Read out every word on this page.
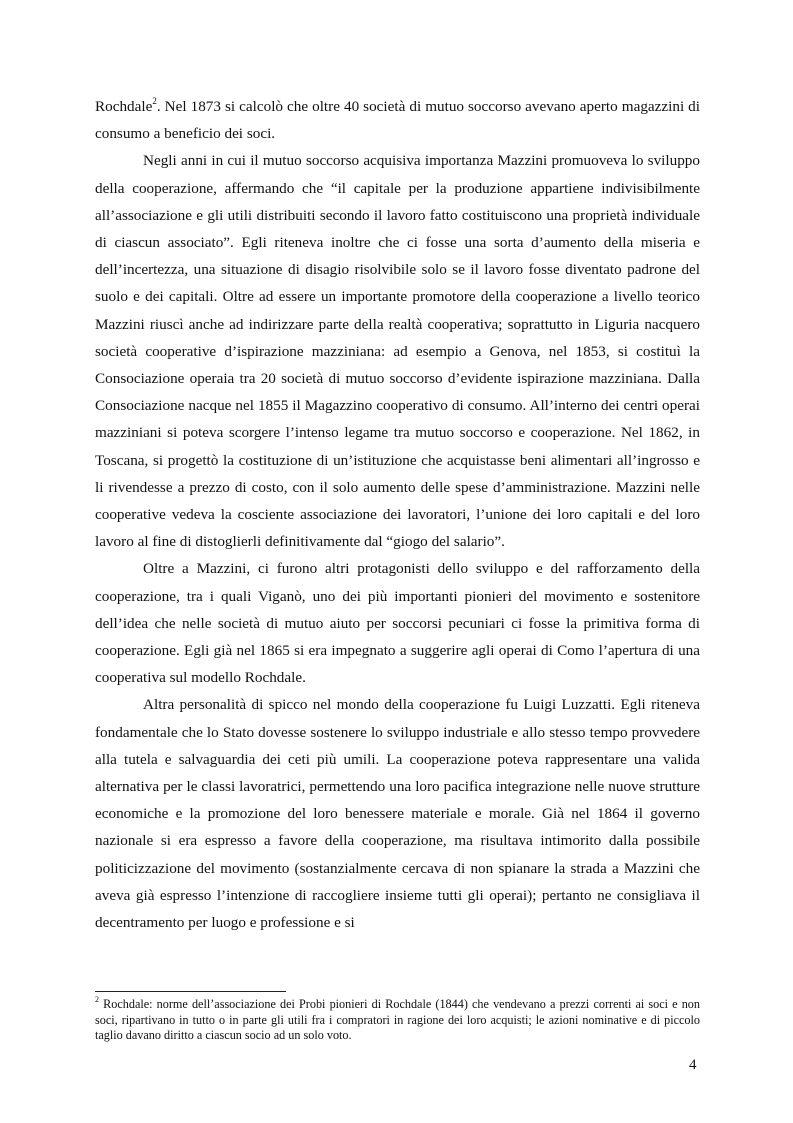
Rochdale$^2$. Nel 1873 si calcolò che oltre 40 società di mutuo soccorso avevano aperto magazzini di consumo a beneficio dei soci.

Negli anni in cui il mutuo soccorso acquisiva importanza Mazzini promuoveva lo sviluppo della cooperazione, affermando che “il capitale per la produzione appartiene indivisibilmente all’associazione e gli utili distribuiti secondo il lavoro fatto costituiscono una proprietà individuale di ciascun associato”. Egli riteneva inoltre che ci fosse una sorta d’aumento della miseria e dell’incertezza, una situazione di disagio risolvibile solo se il lavoro fosse diventato padrone del suolo e dei capitali. Oltre ad essere un importante promotore della cooperazione a livello teorico Mazzini riuscì anche ad indirizzare parte della realtà cooperativa; soprattutto in Liguria nacquero società cooperative d’ispirazione mazziniana: ad esempio a Genova, nel 1853, si costituì la Consociazione operaia tra 20 società di mutuo soccorso d’evidente ispirazione mazziniana. Dalla Consociazione nacque nel 1855 il Magazzino cooperativo di consumo. All’interno dei centri operai mazziniani si poteva scorgere l’intenso legame tra mutuo soccorso e cooperazione. Nel 1862, in Toscana, si progettò la costituzione di un’istituzione che acquistasse beni alimentari all’ingrosso e li rivendesse a prezzo di costo, con il solo aumento delle spese d’amministrazione. Mazzini nelle cooperative vedeva la cosciente associazione dei lavoratori, l’unione dei loro capitali e del loro lavoro al fine di distoglierli definitivamente dal “giogo del salario”.

Oltre a Mazzini, ci furono altri protagonisti dello sviluppo e del rafforzamento della cooperazione, tra i quali Viganò, uno dei più importanti pionieri del movimento e sostenitore dell’idea che nelle società di mutuo aiuto per soccorsi pecuniari ci fosse la primitiva forma di cooperazione. Egli già nel 1865 si era impegnato a suggerire agli operai di Como l’apertura di una cooperativa sul modello Rochdale.

Altra personalità di spicco nel mondo della cooperazione fu Luigi Luzzatti. Egli riteneva fondamentale che lo Stato dovesse sostenere lo sviluppo industriale e allo stesso tempo provvedere alla tutela e salvaguardia dei ceti più umili. La cooperazione poteva rappresentare una valida alternativa per le classi lavoratrici, permettendo una loro pacifica integrazione nelle nuove strutture economiche e la promozione del loro benessere materiale e morale. Già nel 1864 il governo nazionale si era espresso a favore della cooperazione, ma risultava intimorito dalla possibile politicizzazione del movimento (sostanzialmente cercava di non spianare la strada a Mazzini che aveva già espresso l’intenzione di raccogliere insieme tutti gli operai); pertanto ne consigliava il decentramento per luogo e professione e si

$^2$ Rochdale: norme dell’associazione dei Probi pionieri di Rochdale (1844) che vendevano a prezzi correnti ai soci e non soci, ripartivano in tutto o in parte gli utili fra i compratori in ragione dei loro acquisti; le azioni nominative e di piccolo taglio davano diritto a ciascun socio ad un solo voto.

4
